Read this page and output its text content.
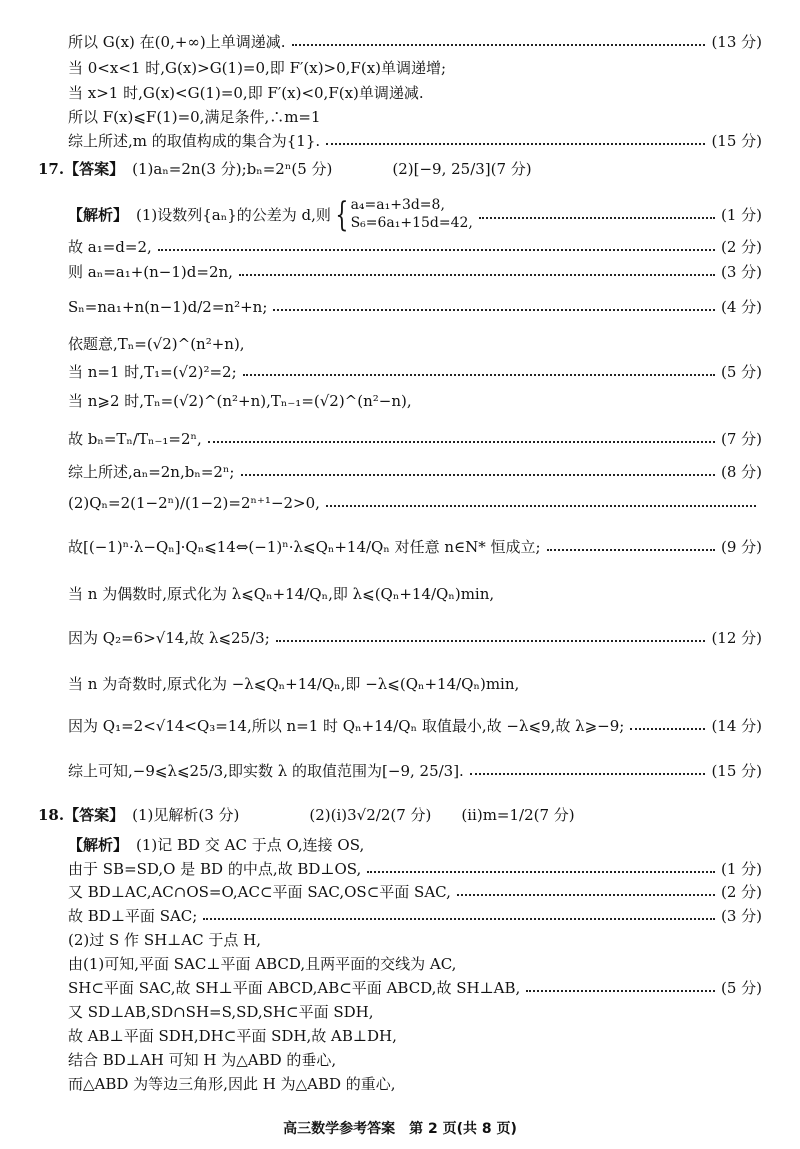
所以 G(x) 在(0,+∞)上单调递减.	(13 分)
当 0<x<1 时,G(x)>G(1)=0,即 F′(x)>0,F(x)单调递增;
当 x>1 时,G(x)<G(1)=0,即 F′(x)<0,F(x)单调递减.
所以 F(x)⩽F(1)=0,满足条件,∴m=1
综上所述,m 的取值构成的集合为{1}.	(15 分)
17. 【答案】 (1)aₙ=2n(3 分);bₙ=2ⁿ(5 分)	(2)[−9, 25/3](7 分)
【解析】 (1)设数列{aₙ}的公差为 d,则 { a₄=a₁+3d=8,
S₆=6a₁+15d=42,	(1 分)
故 a₁=d=2,	(2 分)
则 aₙ=a₁+(n−1)d=2n,	(3 分)
Sₙ=na₁+n(n−1)d/2=n²+n;	(4 分)
依题意,Tₙ=(√2)^(n²+n),
当 n=1 时,T₁=(√2)²=2;	(5 分)
当 n⩾2 时,Tₙ=(√2)^(n²+n),Tₙ₋₁=(√2)^(n²−n),
故 bₙ=Tₙ/Tₙ₋₁=2ⁿ,	(7 分)
综上所述,aₙ=2n,bₙ=2ⁿ;	(8 分)
(2)Qₙ=2(1−2ⁿ)/(1−2)=2ⁿ⁺¹−2>0,
故[(−1)ⁿ·λ−Qₙ]·Qₙ⩽14⇔(−1)ⁿ·λ⩽Qₙ+14/Qₙ 对任意 n∈N* 恒成立;	(9 分)
当 n 为偶数时,原式化为 λ⩽Qₙ+14/Qₙ,即 λ⩽(Qₙ+14/Qₙ)min,
因为 Q₂=6>√14,故 λ⩽25/3;	(12 分)
当 n 为奇数时,原式化为 −λ⩽Qₙ+14/Qₙ,即 −λ⩽(Qₙ+14/Qₙ)min,
因为 Q₁=2<√14<Q₃=14,所以 n=1 时 Qₙ+14/Qₙ 取值最小,故 −λ⩽9,故 λ⩾−9;	(14 分)
综上可知,−9⩽λ⩽25/3,即实数 λ 的取值范围为[−9, 25/3].	(15 分)
18. 【答案】 (1)见解析(3 分)	(2)(i)3√2/2(7 分) (ii)m=1/2(7 分)
【解析】 (1)记 BD 交 AC 于点 O,连接 OS,
由于 SB=SD,O 是 BD 的中点,故 BD⊥OS,	(1 分)
又 BD⊥AC,AC∩OS=O,AC⊂平面 SAC,OS⊂平面 SAC,	(2 分)
故 BD⊥平面 SAC;	(3 分)
(2)过 S 作 SH⊥AC 于点 H,
由(1)可知,平面 SAC⊥平面 ABCD,且两平面的交线为 AC,
SH⊂平面 SAC,故 SH⊥平面 ABCD,AB⊂平面 ABCD,故 SH⊥AB,	(5 分)
又 SD⊥AB,SD∩SH=S,SD,SH⊂平面 SDH,
故 AB⊥平面 SDH,DH⊂平面 SDH,故 AB⊥DH,
结合 BD⊥AH 可知 H 为△ABD 的垂心,
而△ABD 为等边三角形,因此 H 为△ABD 的重心,
高三数学参考答案　第 2 页(共 8 页)
